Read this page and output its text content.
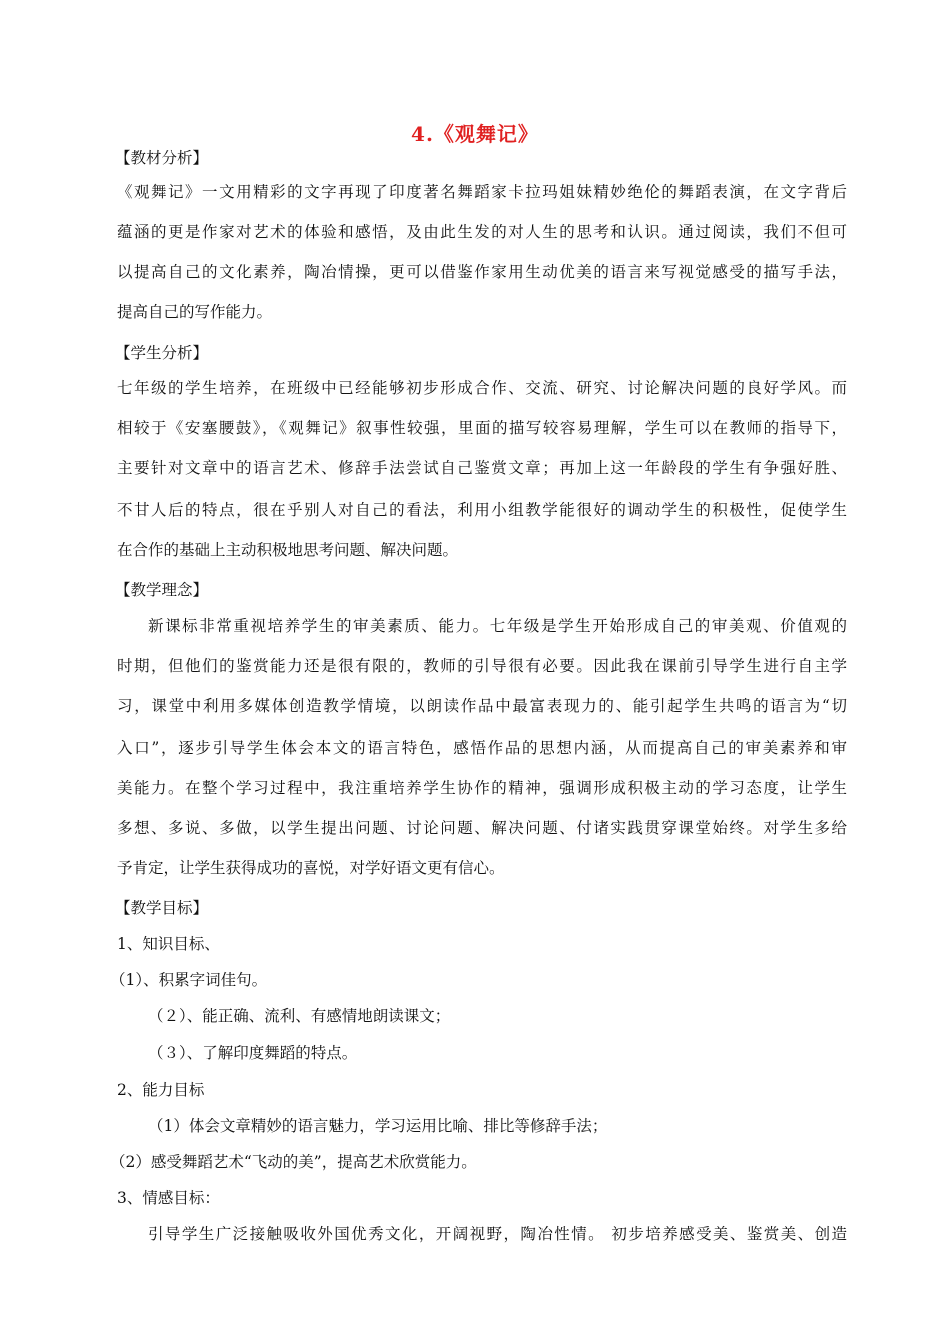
4.《观舞记》
【教材分析】
《观舞记》一文用精彩的文字再现了印度著名舞蹈家卡拉玛姐妹精妙绝伦的舞蹈表演，在文字背后
蕴涵的更是作家对艺术的体验和感悟，及由此生发的对人生的思考和认识。通过阅读，我们不但可
以提高自己的文化素养，陶冶情操，更可以借鉴作家用生动优美的语言来写视觉感受的描写手法，
提高自己的写作能力。
【学生分析】
七年级的学生培养，在班级中已经能够初步形成合作、交流、研究、讨论解决问题的良好学风。而
相较于《安塞腰鼓》，《观舞记》叙事性较强，里面的描写较容易理解，学生可以在教师的指导下，
主要针对文章中的语言艺术、修辞手法尝试自己鉴赏文章；再加上这一年龄段的学生有争强好胜、
不甘人后的特点，很在乎别人对自己的看法，利用小组教学能很好的调动学生的积极性，促使学生
在合作的基础上主动积极地思考问题、解决问题。
【教学理念】
新课标非常重视培养学生的审美素质、能力。七年级是学生开始形成自己的审美观、价值观的
时期，但他们的鉴赏能力还是很有限的，教师的引导很有必要。因此我在课前引导学生进行自主学
习，课堂中利用多媒体创造教学情境，以朗读作品中最富表现力的、能引起学生共鸣的语言为“切
入口”，逐步引导学生体会本文的语言特色，感悟作品的思想内涵，从而提高自己的审美素养和审
美能力。在整个学习过程中，我注重培养学生协作的精神，强调形成积极主动的学习态度，让学生
多想、多说、多做，以学生提出问题、讨论问题、解决问题、付诸实践贯穿课堂始终。对学生多给
予肯定，让学生获得成功的喜悦，对学好语文更有信心。
【教学目标】
1、知识目标、
（1）、积累字词佳句。
（２）、能正确、流利、有感情地朗读课文；
（３）、了解印度舞蹈的特点。
2、能力目标
（1）体会文章精妙的语言魅力，学习运用比喻、排比等修辞手法；
（2）感受舞蹈艺术“飞动的美”，提高艺术欣赏能力。
3、情感目标：
引导学生广泛接触吸收外国优秀文化，开阔视野，陶冶性情。 初步培养感受美、鉴赏美、创造
